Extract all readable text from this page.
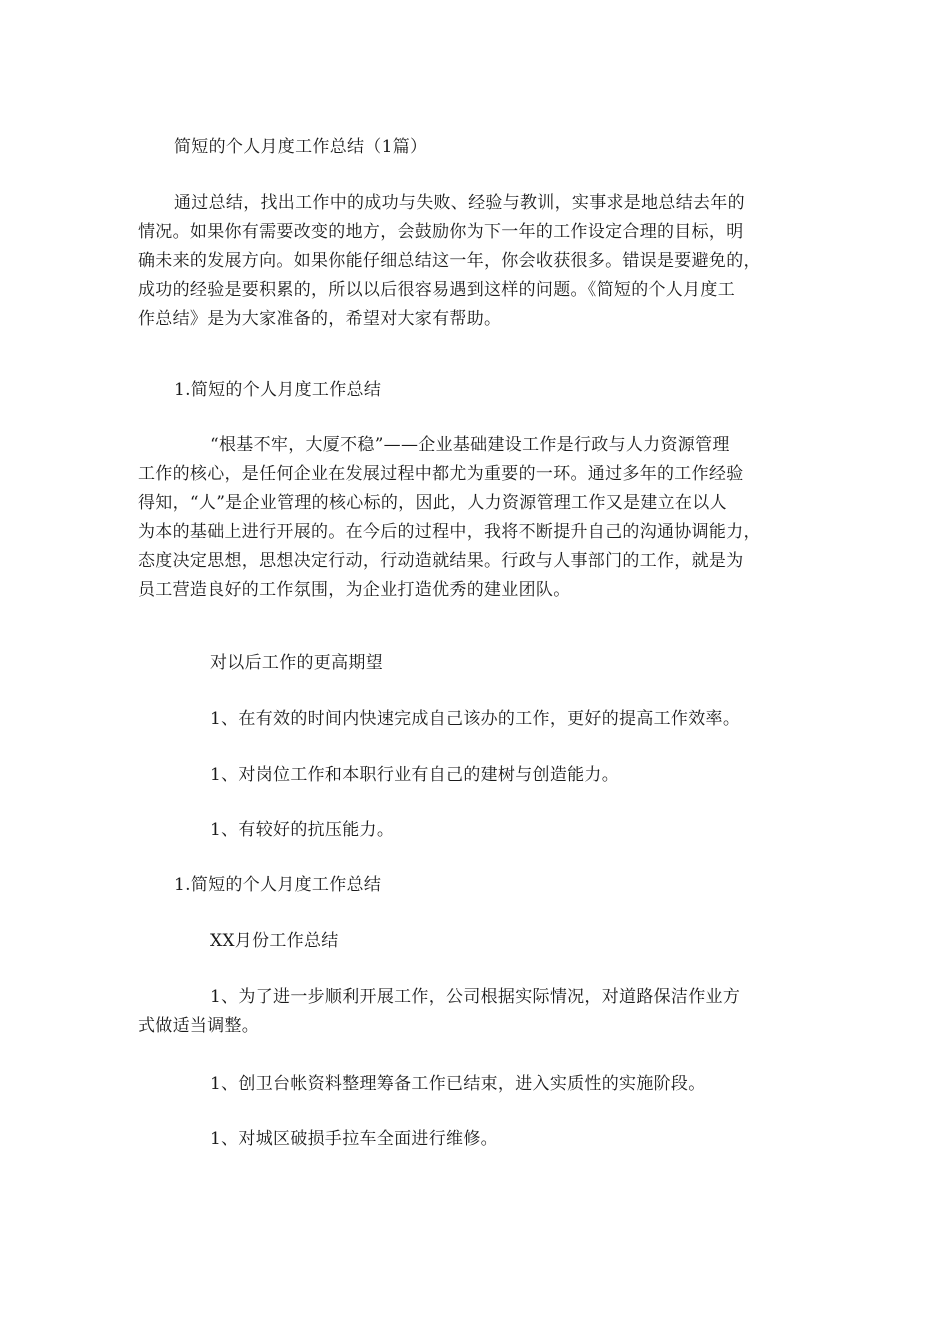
简短的个人月度工作总结（1篇）

通过总结，找出工作中的成功与失败、经验与教训，实事求是地总结去年的

情况。如果你有需要改变的地方，会鼓励你为下一年的工作设定合理的目标，明

确未来的发展方向。如果你能仔细总结这一年，你会收获很多。错误是要避免的，

成功的经验是要积累的，所以以后很容易遇到这样的问题。《简短的个人月度工

作总结》是为大家准备的，希望对大家有帮助。

1.简短的个人月度工作总结

“根基不牢，大厦不稳”——企业基础建设工作是行政与人力资源管理

工作的核心，是任何企业在发展过程中都尤为重要的一环。通过多年的工作经验

得知，“人”是企业管理的核心标的，因此，人力资源管理工作又是建立在以人

为本的基础上进行开展的。在今后的过程中，我将不断提升自己的沟通协调能力，

态度决定思想，思想决定行动，行动造就结果。行政与人事部门的工作，就是为

员工营造良好的工作氛围，为企业打造优秀的建业团队。

对以后工作的更高期望
1、在有效的时间内快速完成自己该办的工作，更好的提高工作效率。
1、对岗位工作和本职行业有自己的建树与创造能力。
1、有较好的抗压能力。
1.简短的个人月度工作总结
XX月份工作总结

1、为了进一步顺利开展工作，公司根据实际情况，对道路保洁作业方

式做适当调整。

1、创卫台帐资料整理筹备工作已结束，进入实质性的实施阶段。
1、对城区破损手拉车全面进行维修。
